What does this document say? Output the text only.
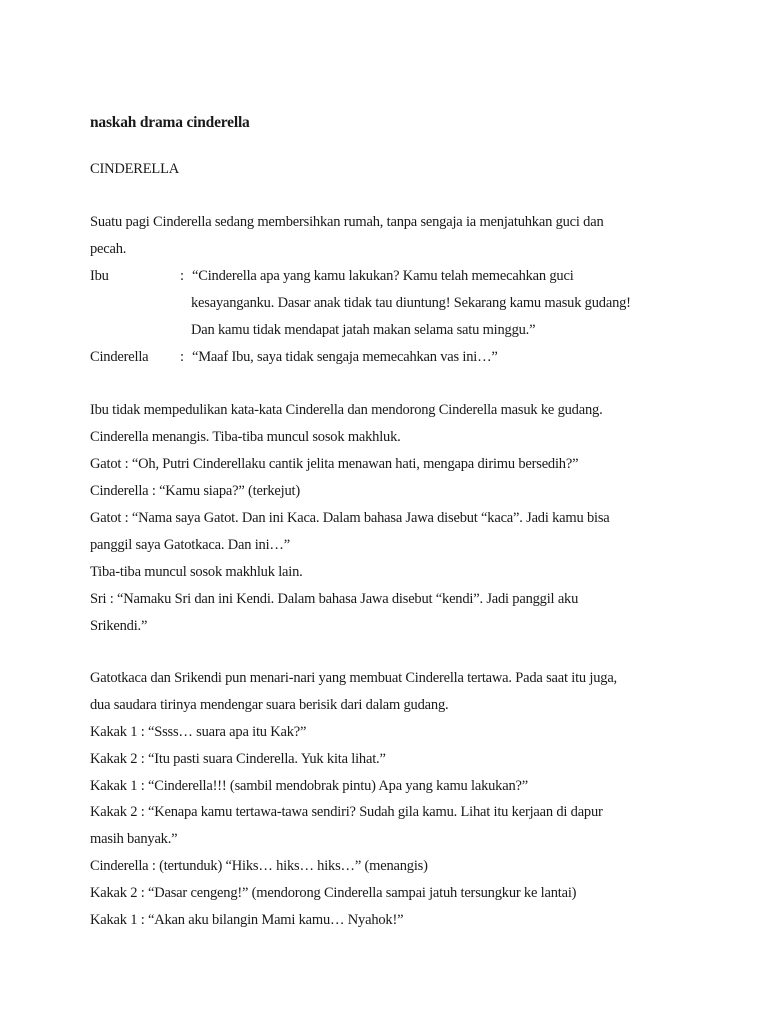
naskah drama cinderella
CINDERELLA
Suatu pagi Cinderella sedang membersihkan rumah, tanpa sengaja ia menjatuhkan guci dan
pecah.
Ibu	: “Cinderella apa yang kamu lakukan? Kamu telah memecahkan guci
kesayanganku. Dasar anak tidak tau diuntung! Sekarang kamu masuk gudang!
Dan kamu tidak mendapat jatah makan selama satu minggu.”
Cinderella : “Maaf Ibu, saya tidak sengaja memecahkan vas ini…”
Ibu tidak mempedulikan kata-kata Cinderella dan mendorong Cinderella masuk ke gudang.
Cinderella menangis. Tiba-tiba muncul sosok makhluk.
Gatot : “Oh, Putri Cinderellaku cantik jelita menawan hati, mengapa dirimu bersedih?”
Cinderella : “Kamu siapa?” (terkejut)
Gatot : “Nama saya Gatot. Dan ini Kaca. Dalam bahasa Jawa disebut “kaca”. Jadi kamu bisa
panggil saya Gatotkaca. Dan ini…”
Tiba-tiba muncul sosok makhluk lain.
Sri : “Namaku Sri dan ini Kendi. Dalam bahasa Jawa disebut “kendi”. Jadi panggil aku
Srikendi.”
Gatotkaca dan Srikendi pun menari-nari yang membuat Cinderella tertawa. Pada saat itu juga,
dua saudara tirinya mendengar suara berisik dari dalam gudang.
Kakak 1 : “Ssss… suara apa itu Kak?”
Kakak 2 : “Itu pasti suara Cinderella. Yuk kita lihat.”
Kakak 1 : “Cinderella!!! (sambil mendobrak pintu) Apa yang kamu lakukan?”
Kakak 2 : “Kenapa kamu tertawa-tawa sendiri? Sudah gila kamu. Lihat itu kerjaan di dapur
masih banyak.”
Cinderella : (tertunduk) “Hiks… hiks… hiks…” (menangis)
Kakak 2 : “Dasar cengeng!” (mendorong Cinderella sampai jatuh tersungkur ke lantai)
Kakak 1 : “Akan aku bilangin Mami kamu… Nyahok!”
